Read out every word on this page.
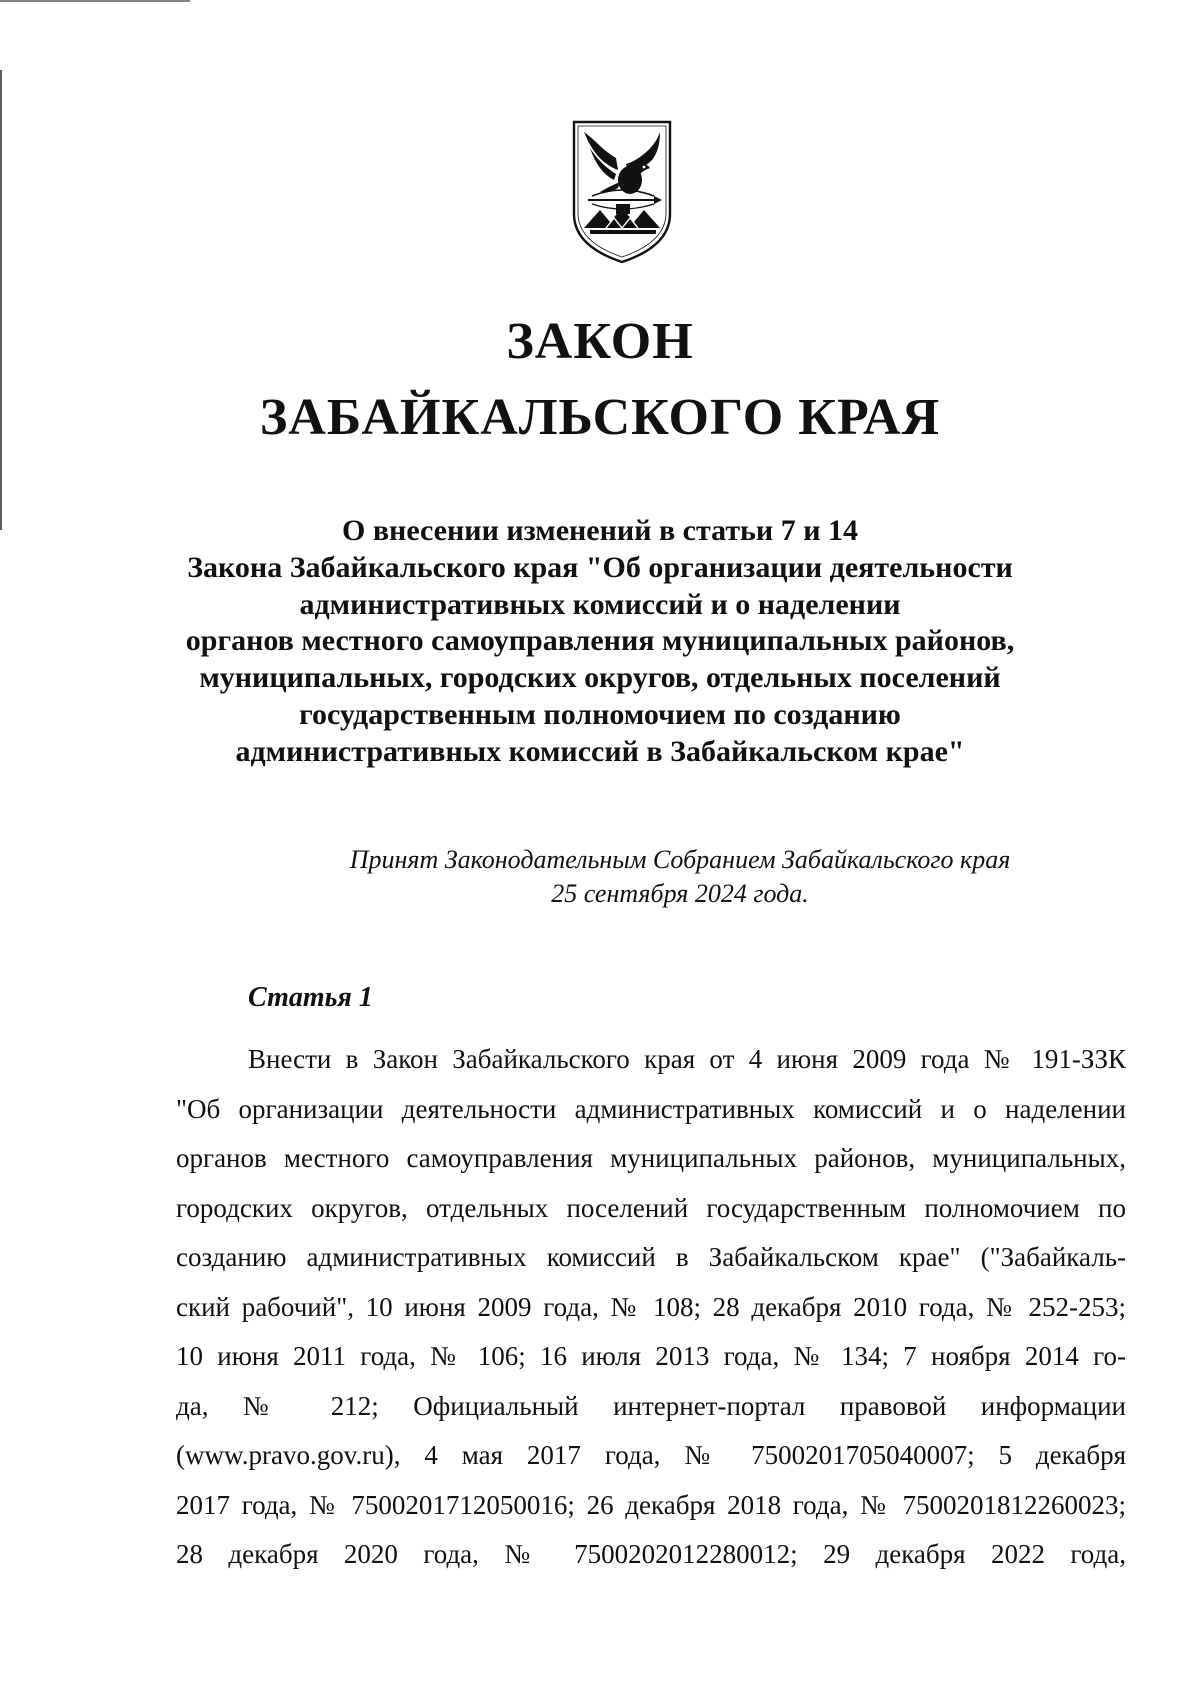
ЗАКОН
ЗАБАЙКАЛЬСКОГО КРАЯ
О внесении изменений в статьи 7 и 14
Закона Забайкальского края "Об организации деятельности
административных комиссий и о наделении
органов местного самоуправления муниципальных районов,
муниципальных, городских округов, отдельных поселений
государственным полномочием по созданию
административных комиссий в Забайкальском крае"
Принят Законодательным Собранием Забайкальского края
25 сентября 2024 года.
Статья 1
Внести в Закон Забайкальского края от 4 июня 2009 года № 191-ЗЗК
"Об организации деятельности административных комиссий и о наделении
органов местного самоуправления муниципальных районов, муниципальных,
городских округов, отдельных поселений государственным полномочием по
созданию административных комиссий в Забайкальском крае" ("Забайкаль-
ский рабочий", 10 июня 2009 года, № 108; 28 декабря 2010 года, № 252-253;
10 июня 2011 года, № 106; 16 июля 2013 года, № 134; 7 ноября 2014 го-
да, № 212; Официальный интернет-портал правовой информации
(www.pravo.gov.ru), 4 мая 2017 года, № 7500201705040007; 5 декабря
2017 года, № 7500201712050016; 26 декабря 2018 года, № 7500201812260023;
28 декабря 2020 года, № 7500202012280012; 29 декабря 2022 года,
